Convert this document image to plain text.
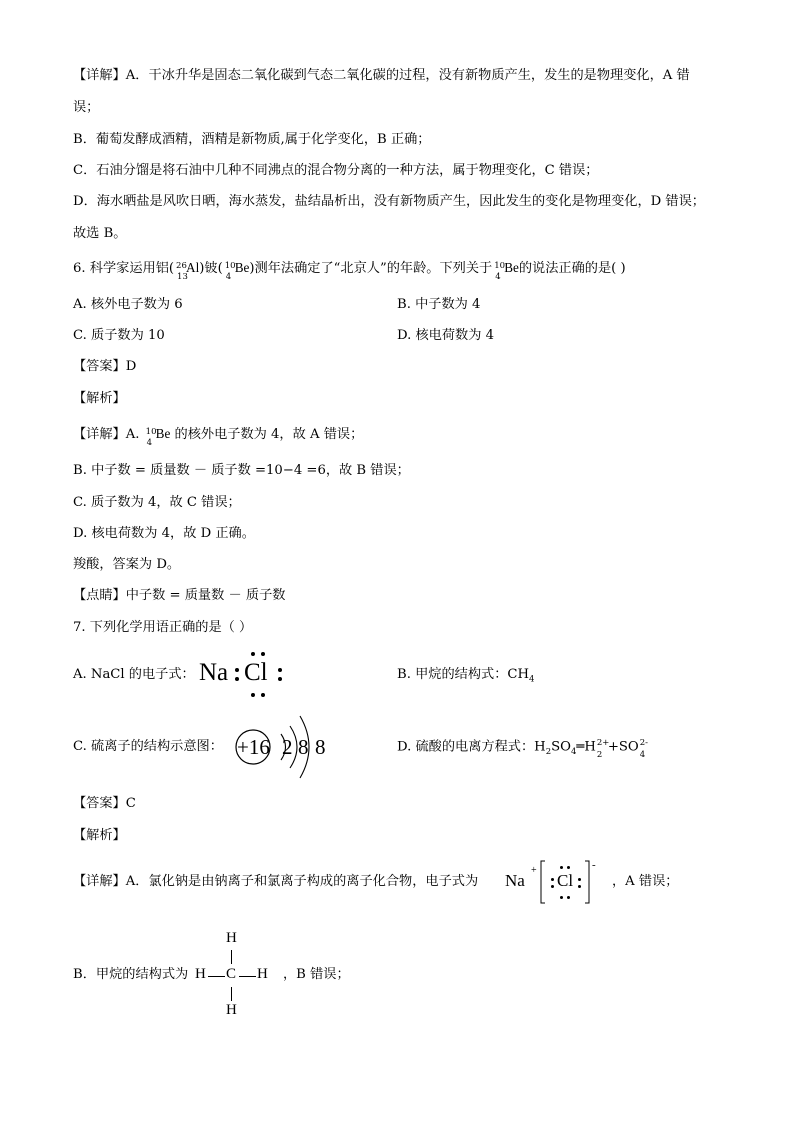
【详解】A．干冰升华是固态二氧化碳到气态二氧化碳的过程，没有新物质产生，发生的是物理变化，A 错
误；
B．葡萄发酵成酒精，酒精是新物质,属于化学变化，B 正确；
C．石油分馏是将石油中几种不同沸点的混合物分离的一种方法，属于物理变化，C 错误；
D．海水晒盐是风吹日晒，海水蒸发，盐结晶析出，没有新物质产生，因此发生的变化是物理变化，D 错误；
故选 B。
6. 科学家运用铝( 26
13
Al)铍( 10
4
Be)测年法确定了“北京人”的年龄。下列关于 10
4
Be的说法正确的是( )
A. 核外电子数为 6	B. 中子数为 4
C. 质子数为 10	D. 核电荷数为 4
【答案】D
【解析】
【详解】A. 10
4
Be 的核外电子数为 4，故 A 错误；
B. 中子数 = 质量数 － 质子数 =10−4 =6，故 B 错误；
C. 质子数为 4，故 C 错误；
D. 核电荷数为 4，故 D 正确。
羧酸，答案为 D。
【点睛】中子数 = 质量数 － 质子数
7. 下列化学用语正确的是（ ）
A. NaCl 的电子式： Na Cl	B. 甲烷的结构式：$CH_4$
C. 硫离子的结构示意图： +16 2 8 8	D. 硫酸的电离方程式：$H_2SO_4═H$ 2+
2
+SO 2-
4
【答案】C
【解析】
【详解】A．氯化钠是由钠离子和氯离子构成的离子化合物，电子式为 Na
+
Cl
-
，A 错误；
B．甲烷的结构式为
H
H C H
H
，B 错误；
